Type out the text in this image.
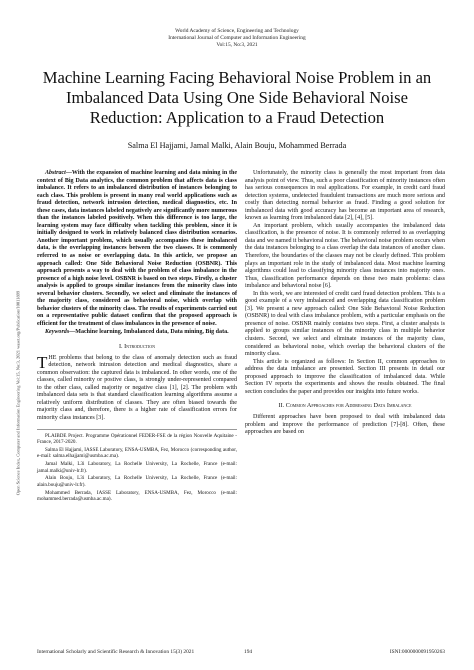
World Academy of Science, Engineering and Technology
International Journal of Computer and Information Engineering
Vol:15, No:3, 2021
Machine Learning Facing Behavioral Noise Problem in an Imbalanced Data Using One Side Behavioral Noise Reduction: Application to a Fraud Detection
Salma El Hajjami, Jamal Malki, Alain Bouju, Mohammed Berrada
Open Science Index, Computer and Information Engineering Vol:15, No:3, 2021 waset.org/Publication/10011899

Abstract—With the expansion of machine learning and data mining in the context of Big Data analytics, the common problem that affects data is class imbalance. It refers to an imbalanced distribution of instances belonging to each class. This problem is present in many real world applications such as fraud detection, network intrusion detection, medical diagnostics, etc. In these cases, data instances labeled negatively are significantly more numerous than the instances labeled positively. When this difference is too large, the learning system may face difficulty when tackling this problem, since it is initially designed to work in relatively balanced class distribution scenarios. Another important problem, which usually accompanies these imbalanced data, is the overlapping instances between the two classes. It is commonly referred to as noise or overlapping data. In this article, we propose an approach called: One Side Behavioral Noise Reduction (OSBNR). This approach presents a way to deal with the problem of class imbalance in the presence of a high noise level. OSBNR is based on two steps. Firstly, a cluster analysis is applied to groups similar instances from the minority class into several behavior clusters. Secondly, we select and eliminate the instances of the majority class, considered as behavioral noise, which overlap with behavior clusters of the minority class. The results of experiments carried out on a representative public dataset confirm that the proposed approach is efficient for the treatment of class imbalances in the presence of noise.

Keywords—Machine learning, Imbalanced data, Data mining, Big data.

I. Introduction

THE problems that belong to the class of anomaly detection such as fraud detection, network intrusion detection and medical diagnostics, share a common observation: the captured data is imbalanced. In other words, one of the classes, called minority or postive class, is strongly under-represented compared to the other class, called majority or negative class [1], [2]. The problem with imbalanced data sets is that standard classification learning algorithms assume a relatively uniform distribution of classes. They are often biased towards the majority class and, therefore, there is a higher rate of classification errors for minority class instances [3].

PLAIBDE Project. Programme Opérationnel FEDER-FSE de la région Nouvelle Aquitaine - France, 2017-2020.

Salma El Hajjami, IASSE Laboratory, ENSA-USMBA, Fez, Morocco (corresponding author, e-mail: salma.elhajjami@usmba.ac.ma).

Jamal Malki, L3i Laboratory, La Rochelle University, La Rochelle, France (e-mail: jamal.malki@univ-lr.fr).

Alain Bouju, L3i Laboratory, La Rochelle University, La Rochelle, France (e-mail: alain.bouju@univ-lr.fr).

Mohammed Berrada, IASSE Laboratory, ENSA-USMBA, Fez, Morocco (e-mail: mohammed.berrada@usmba.ac.ma).

Unfortunately, the minority class is generally the most important from data analysis point of view. Thus, such a poor classification of minority instances often has serious consequences in real applications. For example, in credit card fraud detection systems, undetected fraudulent transactions are much more serious and costly than detecting normal behavior as fraud. Finding a good solution for imbalanced data with good accuracy has become an important area of research, known as learning from imbalanced data [2], [4], [5].

An important problem, which usually accompanies the imbalanced data classification, is the presence of noise. It is commonly referred to as overlapping data and we named it behavioral noise. The behavioral noise problem occurs when the data instances belonging to a class overlap the data instances of another class. Therefore, the boundaries of the classes may not be clearly defined. This problem plays an important role in the study of imbalanced data. Most machine learning algorithms could lead to classifying minority class instances into majority ones. Thus, classification performance depends on these two main problems: class imbalance and behavioral noise [6].

In this work, we are interested of credit card fraud detection problem. This is a good example of a very imbalanced and overlapping data classification problem [3]. We present a new approach called: One Side Behavioral Noise Reduction (OSBNR) to deal with class imbalance problem, with a particular emphasis on the presence of noise. OSBNR mainly contains two steps. First, a cluster analysis is applied to groups similar instances of the minority class in multiple behavior clusters. Second, we select and eliminate instances of the majority class, considered as behavioral noise, which overlap the behavioral clusters of the minority class.

This article is organized as follows: In Section II, common approaches to address the data imbalance are presented. Section III presents in detail our proposed approach to improve the classification of imbalanced data. While Section IV reports the experiments and shows the results obtained. The final section concludes the paper and provides our insights into future works.

II. Common Approaches for Addressing Data Imbalance

Different approaches have been proposed to deal with imbalanced data problem and improve the performance of prediction [7]-[8]. Often, these approaches are based on

International Scholarly and Scientific Research & Innovation 15(3) 2021	194	ISNI:0000000091950263
